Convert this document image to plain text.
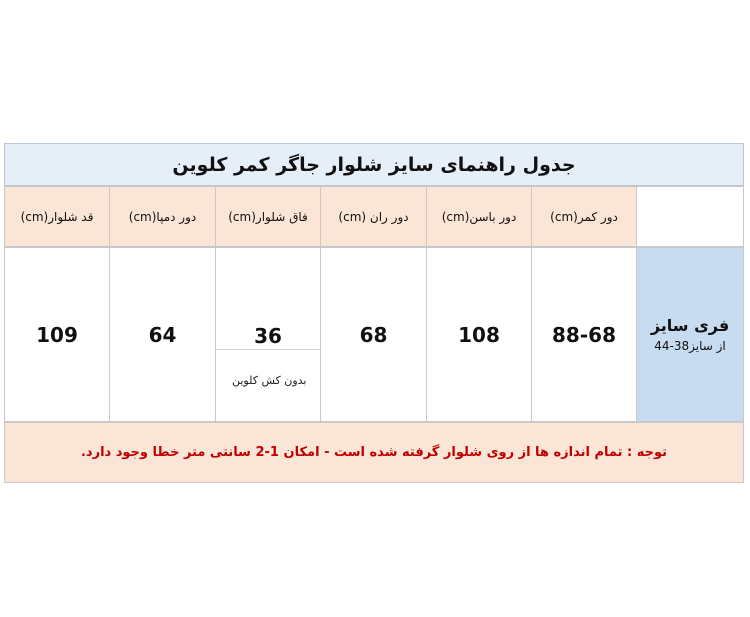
جدول راهنمای سایز شلوار جاگر کمر کلوین
دور کمر(cm)
دور باسن(cm)
دور ران (cm)
فاق شلوار(cm)
دور دمپا(cm)
قد شلوار(cm)
فری سایز
از سایز38-44
88-68
108
68
36
بدون کش کلوین
64
109
توجه : تمام اندازه ها از روی شلوار گرفته شده است - امکان 1-2 سانتی متر خطا وجود دارد.
